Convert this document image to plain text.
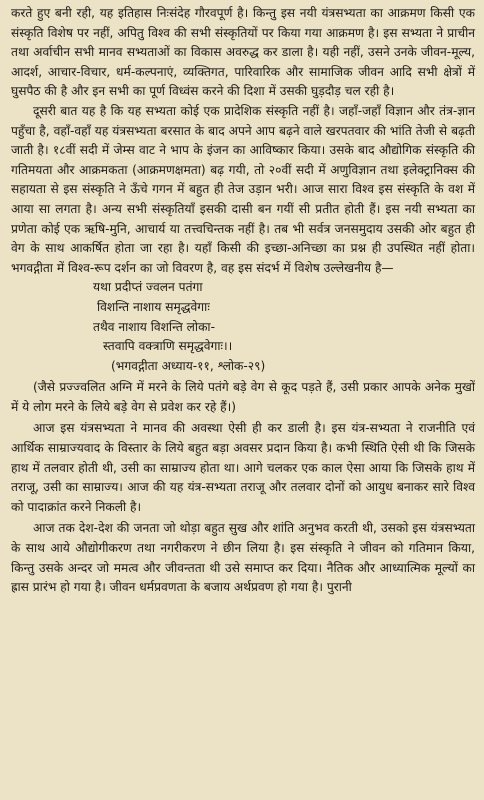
करते हुए बनी रही, यह इतिहास निःसंदेह गौरवपूर्ण है। किन्तु इस नयी यंत्रसभ्यता का आक्रमण किसी एक संस्कृति विशेष पर नहीं, अपितु विश्व की सभी संस्कृतियों पर किया गया आक्रमण है। इस सभ्यता ने प्राचीन तथा अर्वाचीन सभी मानव सभ्यताओं का विकास अवरुद्ध कर डाला है। यही नहीं, उसने उनके जीवन-मूल्य, आदर्श, आचार-विचार, धर्म-कल्पनाएं, व्यक्तिगत, पारिवारिक और सामाजिक जीवन आदि सभी क्षेत्रों में घुसपैठ की है और इन सभी का पूर्ण विध्वंस करने की दिशा में उसकी घुड़दौड़ चल रही है।

दूसरी बात यह है कि यह सभ्यता कोई एक प्रादेशिक संस्कृति नहीं है। जहाँ-जहाँ विज्ञान और तंत्र-ज्ञान पहुँचा है, वहाँ-वहाँ यह यंत्रसभ्यता बरसात के बाद अपने आप बढ़ने वाले खरपतवार की भांति तेजी से बढ़ती जाती है। १८वीं सदी में जेम्स वाट ने भाप के इंजन का आविष्कार किया। उसके बाद औद्योगिक संस्कृति की गतिमयता और आक्रमकता (आक्रमणक्षमता) बढ़ गयी, तो २०वीं सदी में अणुविज्ञान तथा इलेक्ट्रानिक्स की सहायता से इस संस्कृति ने ऊँचे गगन में बहुत ही तेज उड़ान भरी। आज सारा विश्व इस संस्कृति के वश में आया सा लगता है। अन्य सभी संस्कृतियाँ इसकी दासी बन गयीं सी प्रतीत होती हैं। इस नयी सभ्यता का प्रणेता कोई एक ऋषि-मुनि, आचार्य या तत्त्वचिन्तक नहीं है। तब भी सर्वत्र जनसमुदाय उसकी ओर बहुत ही वेग के साथ आकर्षित होता जा रहा है। यहाँ किसी की इच्छा-अनिच्छा का प्रश्न ही उपस्थित नहीं होता। भगवद्गीता में विश्व-रूप दर्शन का जो विवरण है, वह इस संदर्भ में विशेष उल्लेखनीय है—

यथा प्रदीप्तं ज्वलन पतंगा
विशन्ति नाशाय समृद्धवेगाः
तथैव नाशाय विशन्ति लोका-
स्तवापि वक्त्राणि समृद्धवेगाः।।
(भगवद्गीता अध्याय-११, श्लोक-२९)

(जैसे प्रज्ज्वलित अग्नि में मरने के लिये पतंगे बड़े वेग से कूद पड़ते हैं, उसी प्रकार आपके अनेक मुखों में ये लोग मरने के लिये बड़े वेग से प्रवेश कर रहे हैं।)

आज इस यंत्रसभ्यता ने मानव की अवस्था ऐसी ही कर डाली है। इस यंत्र-सभ्यता ने राजनीति एवं आर्थिक साम्राज्यवाद के विस्तार के लिये बहुत बड़ा अवसर प्रदान किया है। कभी स्थिति ऐसी थी कि जिसके हाथ में तलवार होती थी, उसी का साम्राज्य होता था। आगे चलकर एक काल ऐसा आया कि जिसके हाथ में तराजू, उसी का साम्राज्य। आज की यह यंत्र-सभ्यता तराजू और तलवार दोनों को आयुध बनाकर सारे विश्व को पादाक्रांत करने निकली है।

आज तक देश-देश की जनता जो थोड़ा बहुत सुख और शांति अनुभव करती थी, उसको इस यंत्रसभ्यता के साथ आये औद्योगीकरण तथा नगरीकरण ने छीन लिया है। इस संस्कृति ने जीवन को गतिमान किया, किन्तु उसके अन्दर जो ममत्व और जीवन्तता थी उसे समाप्त कर दिया। नैतिक और आध्यात्मिक मूल्यों का ह्रास प्रारंभ हो गया है। जीवन धर्मप्रवणता के बजाय अर्थप्रवण हो गया है। पुरानी
